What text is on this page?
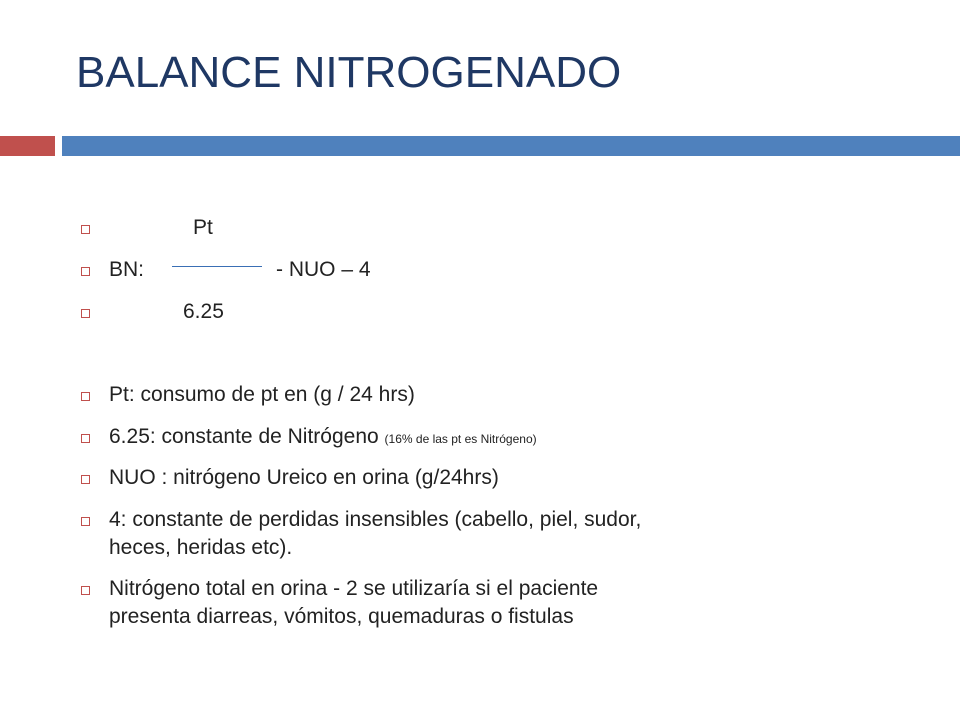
BALANCE NITROGENADO
Pt
BN:	- NUO – 4
6.25
Pt: consumo de pt en (g / 24 hrs)
6.25: constante de Nitrógeno (16% de las pt es Nitrógeno)
NUO : nitrógeno Ureico en orina (g/24hrs)
4: constante de perdidas insensibles (cabello, piel, sudor,
heces, heridas etc).
Nitrógeno total en orina - 2 se utilizaría si el paciente
presenta diarreas, vómitos, quemaduras o fistulas
